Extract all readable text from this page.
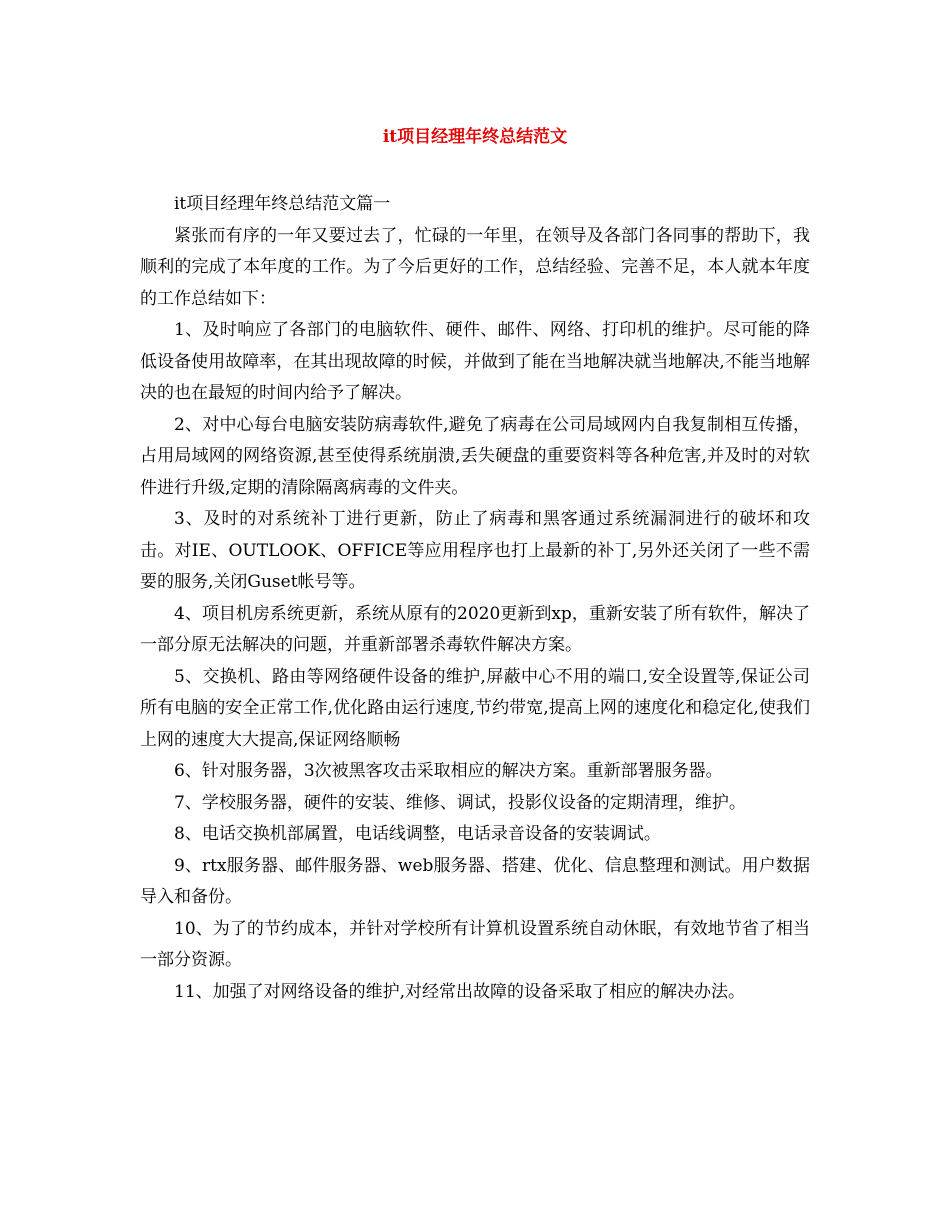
it项目经理年终总结范文

it项目经理年终总结范文篇一

紧张而有序的一年又要过去了，忙碌的一年里，在领导及各部门各同事的帮助下，我顺利的完成了本年度的工作。为了今后更好的工作，总结经验、完善不足，本人就本年度的工作总结如下：

1、及时响应了各部门的电脑软件、硬件、邮件、网络、打印机的维护。尽可能的降低设备使用故障率，在其出现故障的时候，并做到了能在当地解决就当地解决,不能当地解决的也在最短的时间内给予了解决。

2、对中心每台电脑安装防病毒软件,避免了病毒在公司局域网内自我复制相互传播，占用局域网的网络资源,甚至使得系统崩溃,丢失硬盘的重要资料等各种危害,并及时的对软件进行升级,定期的清除隔离病毒的文件夹。

3、及时的对系统补丁进行更新，防止了病毒和黑客通过系统漏洞进行的破坏和攻击。对IE、OUTLOOK、OFFICE等应用程序也打上最新的补丁,另外还关闭了一些不需要的服务,关闭Guset帐号等。

4、项目机房系统更新，系统从原有的2020更新到xp，重新安装了所有软件，解决了一部分原无法解决的问题，并重新部署杀毒软件解决方案。

5、交换机、路由等网络硬件设备的维护,屏蔽中心不用的端口,安全设置等,保证公司所有电脑的安全正常工作,优化路由运行速度,节约带宽,提高上网的速度化和稳定化,使我们上网的速度大大提高,保证网络顺畅

6、针对服务器，3次被黑客攻击采取相应的解决方案。重新部署服务器。

7、学校服务器，硬件的安装、维修、调试，投影仪设备的定期清理，维护。

8、电话交换机部属置，电话线调整，电话录音设备的安装调试。

9、rtx服务器、邮件服务器、web服务器、搭建、优化、信息整理和测试。用户数据导入和备份。

10、为了的节约成本，并针对学校所有计算机设置系统自动休眠，有效地节省了相当一部分资源。

11、加强了对网络设备的维护,对经常出故障的设备采取了相应的解决办法。
